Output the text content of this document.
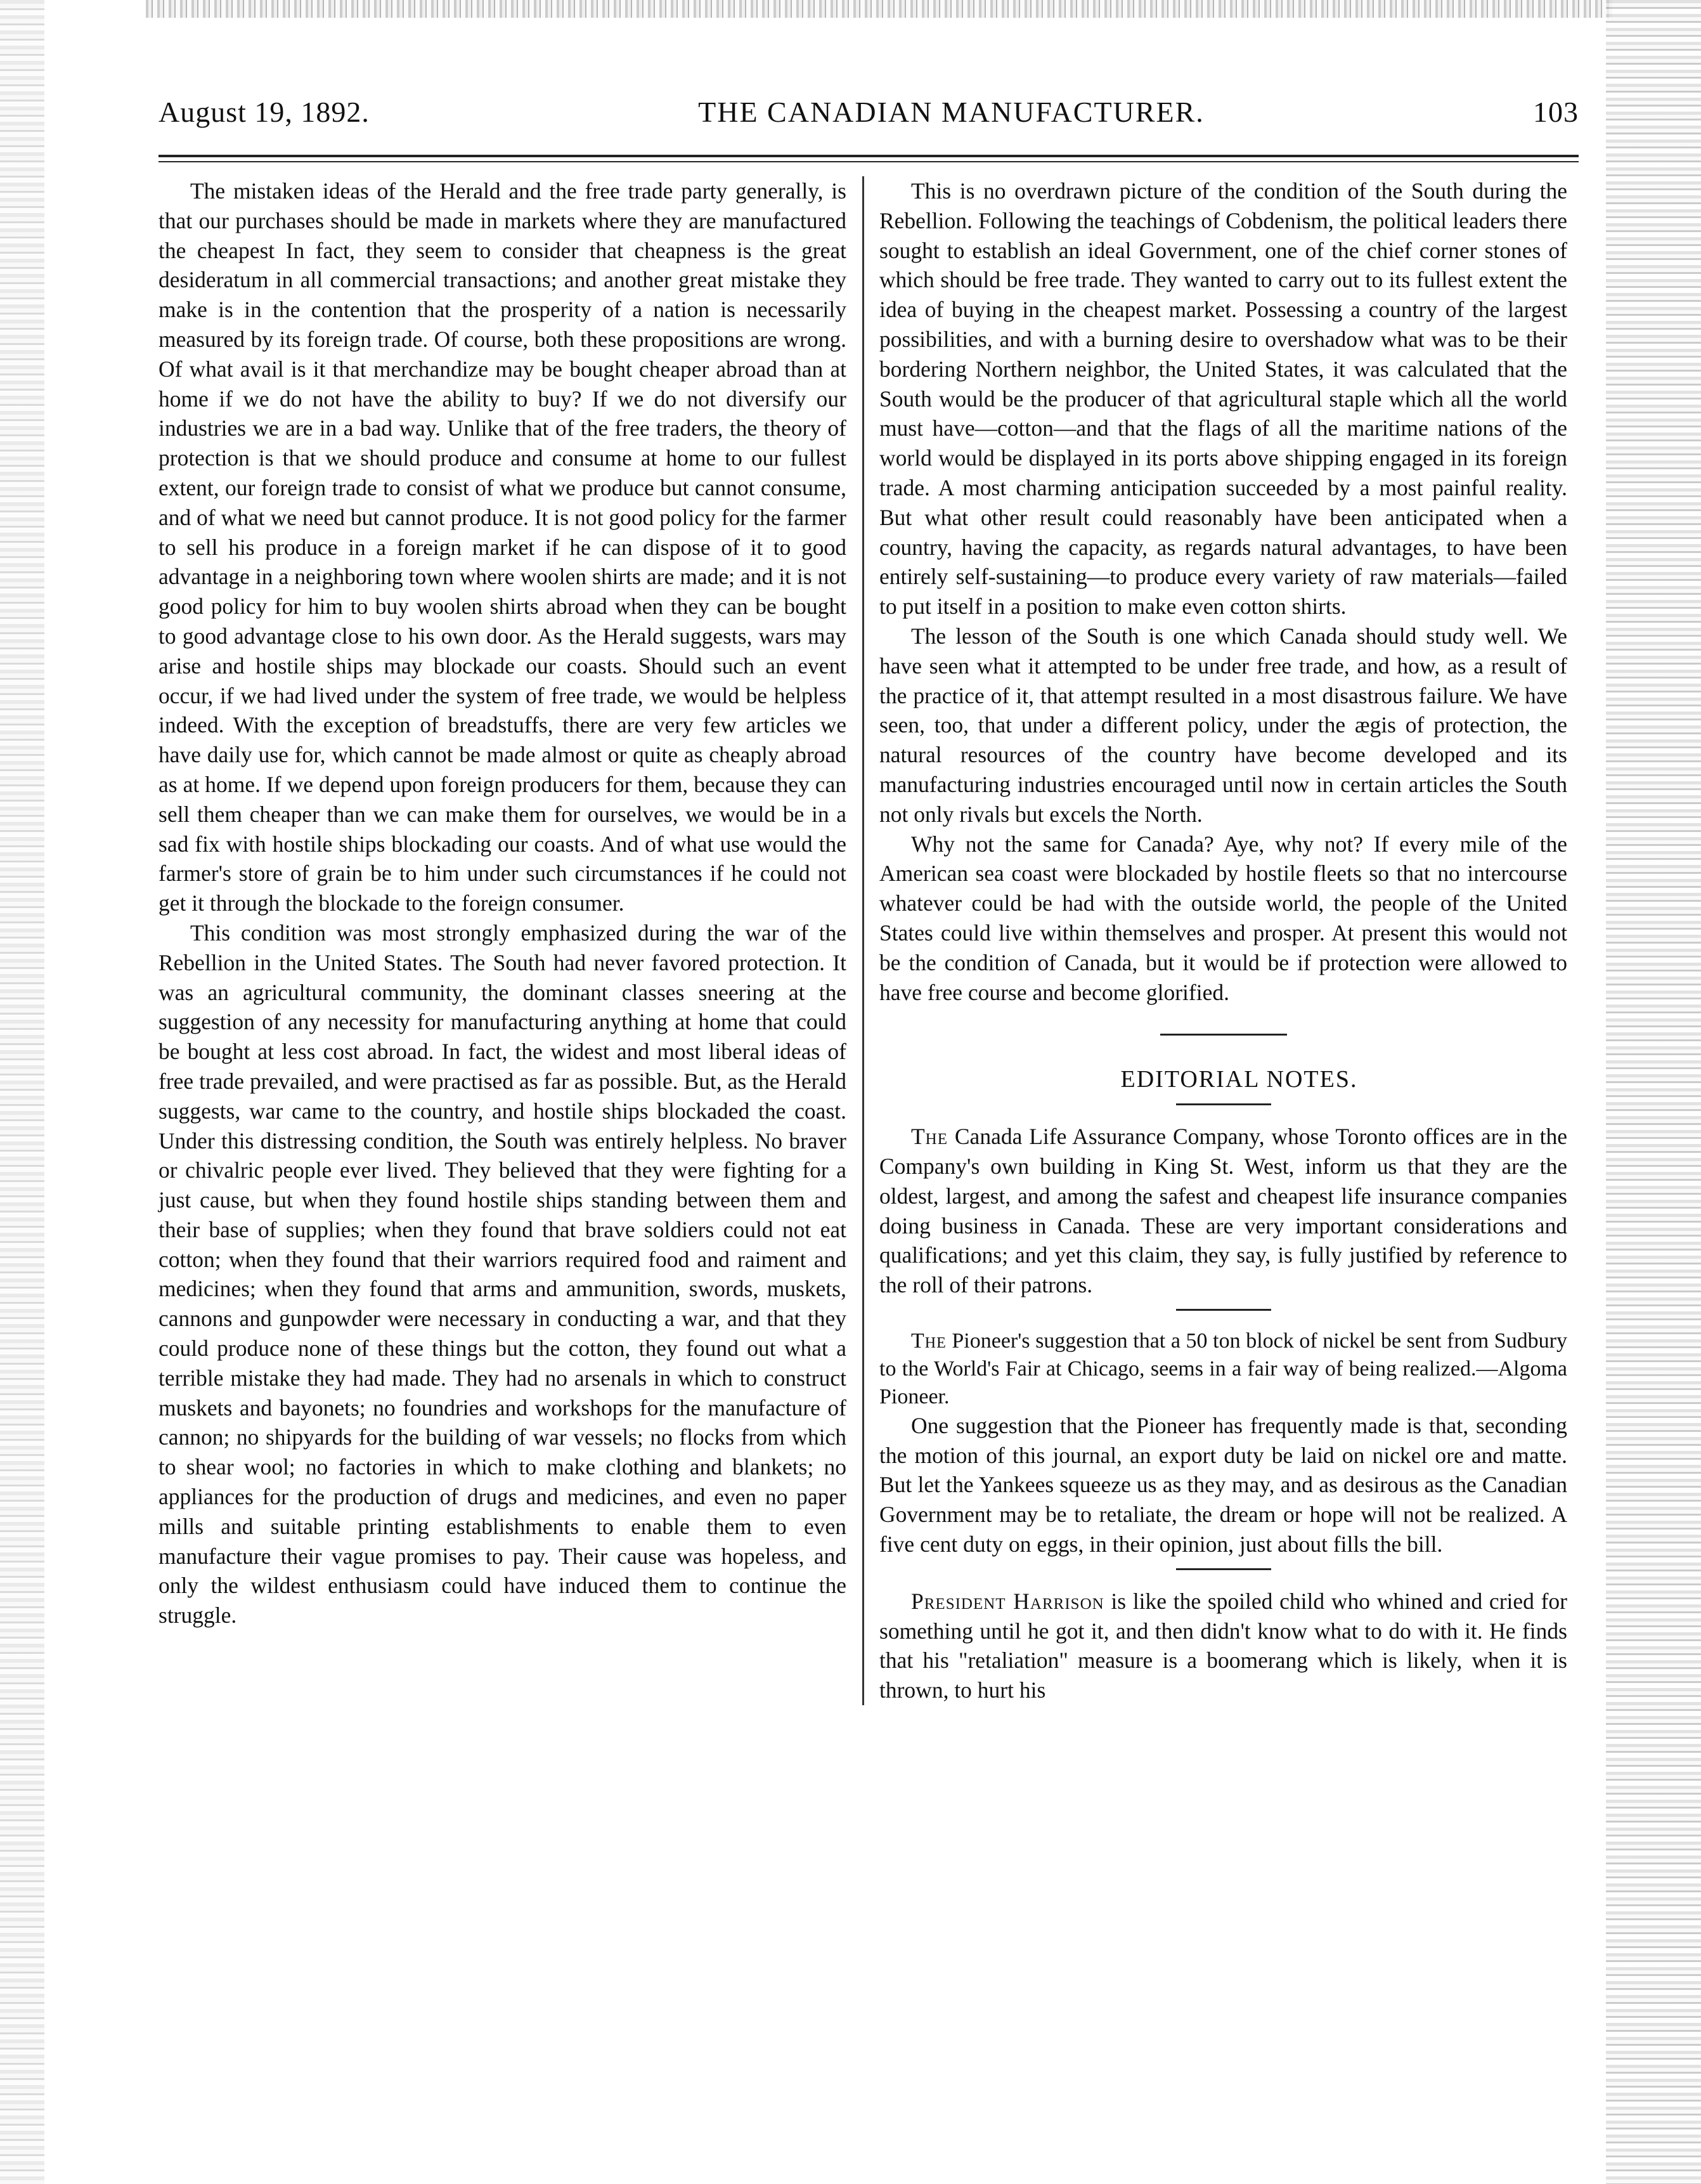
August 19, 1892.	THE CANADIAN MANUFACTURER.	103

The mistaken ideas of the Herald and the free trade party generally, is that our purchases should be made in markets where they are manufactured the cheapest In fact, they seem to consider that cheapness is the great desideratum in all commercial transactions; and another great mistake they make is in the contention that the prosperity of a nation is necessarily measured by its foreign trade. Of course, both these propositions are wrong. Of what avail is it that merchandize may be bought cheaper abroad than at home if we do not have the ability to buy? If we do not diversify our industries we are in a bad way. Unlike that of the free traders, the theory of protection is that we should produce and consume at home to our fullest extent, our foreign trade to consist of what we produce but cannot consume, and of what we need but cannot produce. It is not good policy for the farmer to sell his produce in a foreign market if he can dispose of it to good advantage in a neighboring town where woolen shirts are made; and it is not good policy for him to buy woolen shirts abroad when they can be bought to good advantage close to his own door. As the Herald suggests, wars may arise and hostile ships may blockade our coasts. Should such an event occur, if we had lived under the system of free trade, we would be helpless indeed. With the exception of breadstuffs, there are very few articles we have daily use for, which cannot be made almost or quite as cheaply abroad as at home. If we depend upon foreign producers for them, because they can sell them cheaper than we can make them for ourselves, we would be in a sad fix with hostile ships blockading our coasts. And of what use would the farmer's store of grain be to him under such circumstances if he could not get it through the blockade to the foreign consumer.

This condition was most strongly emphasized during the war of the Rebellion in the United States. The South had never favored protection. It was an agricultural community, the dominant classes sneering at the suggestion of any necessity for manufacturing anything at home that could be bought at less cost abroad. In fact, the widest and most liberal ideas of free trade prevailed, and were practised as far as possible. But, as the Herald suggests, war came to the country, and hostile ships blockaded the coast. Under this distressing condition, the South was entirely helpless. No braver or chivalric people ever lived. They believed that they were fighting for a just cause, but when they found hostile ships standing between them and their base of supplies; when they found that brave soldiers could not eat cotton; when they found that their warriors required food and raiment and medicines; when they found that arms and ammunition, swords, muskets, cannons and gunpowder were necessary in conducting a war, and that they could produce none of these things but the cotton, they found out what a terrible mistake they had made. They had no arsenals in which to construct muskets and bayonets; no foundries and workshops for the manufacture of cannon; no shipyards for the building of war vessels; no flocks from which to shear wool; no factories in which to make clothing and blankets; no appliances for the production of drugs and medicines, and even no paper mills and suitable printing establishments to enable them to even manufacture their vague promises to pay. Their cause was hopeless, and only the wildest enthusiasm could have induced them to continue the struggle.

This is no overdrawn picture of the condition of the South during the Rebellion. Following the teachings of Cobdenism, the political leaders there sought to establish an ideal Government, one of the chief corner stones of which should be free trade. They wanted to carry out to its fullest extent the idea of buying in the cheapest market. Possessing a country of the largest possibilities, and with a burning desire to overshadow what was to be their bordering Northern neighbor, the United States, it was calculated that the South would be the producer of that agricultural staple which all the world must have—cotton—and that the flags of all the maritime nations of the world would be displayed in its ports above shipping engaged in its foreign trade. A most charming anticipation succeeded by a most painful reality. But what other result could reasonably have been anticipated when a country, having the capacity, as regards natural advantages, to have been entirely self-sustaining—to produce every variety of raw materials—failed to put itself in a position to make even cotton shirts.

The lesson of the South is one which Canada should study well. We have seen what it attempted to be under free trade, and how, as a result of the practice of it, that attempt resulted in a most disastrous failure. We have seen, too, that under a different policy, under the ægis of protection, the natural resources of the country have become developed and its manufacturing industries encouraged until now in certain articles the South not only rivals but excels the North.

Why not the same for Canada? Aye, why not? If every mile of the American sea coast were blockaded by hostile fleets so that no intercourse whatever could be had with the outside world, the people of the United States could live within themselves and prosper. At present this would not be the condition of Canada, but it would be if protection were allowed to have free course and become glorified.

EDITORIAL NOTES.

The Canada Life Assurance Company, whose Toronto offices are in the Company's own building in King St. West, inform us that they are the oldest, largest, and among the safest and cheapest life insurance companies doing business in Canada. These are very important considerations and qualifications; and yet this claim, they say, is fully justified by reference to the roll of their patrons.

The Pioneer's suggestion that a 50 ton block of nickel be sent from Sudbury to the World's Fair at Chicago, seems in a fair way of being realized.—Algoma Pioneer.

One suggestion that the Pioneer has frequently made is that, seconding the motion of this journal, an export duty be laid on nickel ore and matte. But let the Yankees squeeze us as they may, and as desirous as the Canadian Government may be to retaliate, the dream or hope will not be realized. A five cent duty on eggs, in their opinion, just about fills the bill.

President Harrison is like the spoiled child who whined and cried for something until he got it, and then didn't know what to do with it. He finds that his "retaliation" measure is a boomerang which is likely, when it is thrown, to hurt his
